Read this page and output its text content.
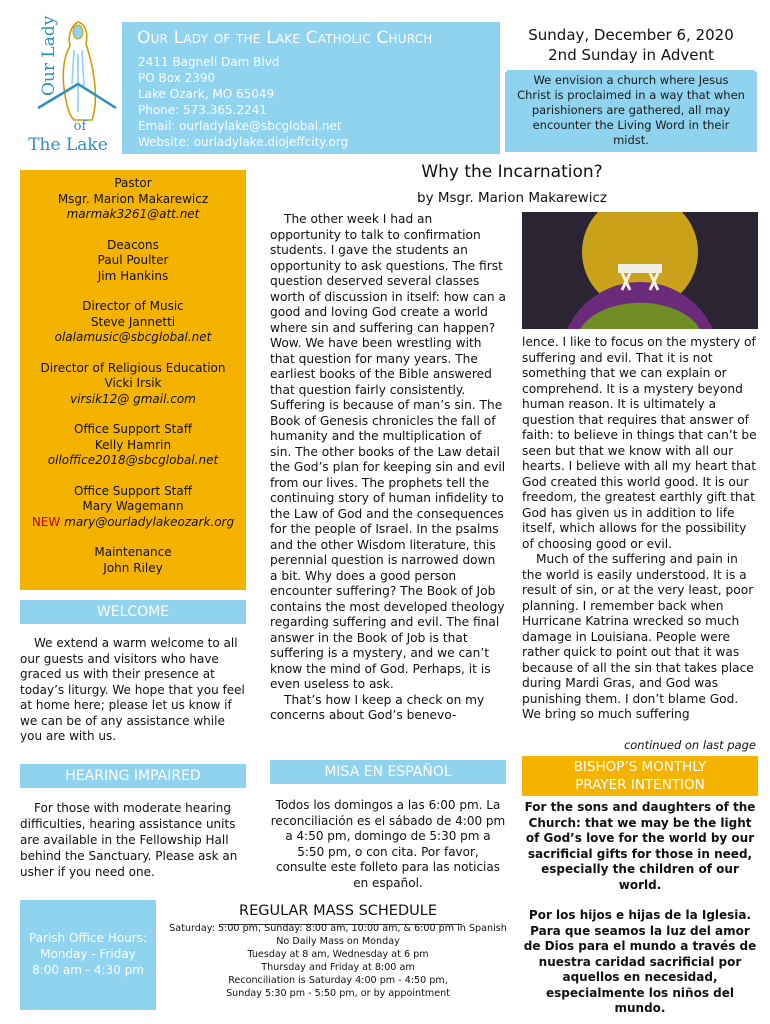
Our Lady
of
The Lake
Our Lady of the Lake Catholic Church
2411 Bagnell Dam Blvd
PO Box 2390
Lake Ozark, MO 65049
Phone: 573.365.2241
Email: ourladylake@sbcglobal.net
Website: ourladylake.diojeffcity.org
Sunday, December 6, 2020
2nd Sunday in Advent
We envision a church where Jesus Christ is proclaimed in a way that when parishioners are gathered, all may encounter the Living Word in their midst.
Pastor
Msgr. Marion Makarewicz
marmak3261@att.net
Deacons
Paul Poulter
Jim Hankins
Director of Music
Steve Jannetti
olalamusic@sbcglobal.net
Director of Religious Education
Vicki Irsik
virsik12@ gmail.com
Office Support Staff
Kelly Hamrin
olloffice2018@sbcglobal.net
Office Support Staff
Mary Wagemann
NEW mary@ourladylakeozark.org
Maintenance
John Riley
WELCOME
We extend a warm welcome to all our guests and visitors who have graced us with their presence at today’s liturgy. We hope that you feel at home here; please let us know if we can be of any assistance while you are with us.
HEARING IMPAIRED
For those with moderate hearing difficulties, hearing assistance units are available in the Fellowship Hall behind the Sanctuary. Please ask an usher if you need one.
Why the Incarnation?
by Msgr. Marion Makarewicz

The other week I had an opportunity to talk to confirmation students. I gave the students an opportunity to ask questions. The first question deserved several classes worth of discussion in itself: how can a good and loving God create a world where sin and suffering can happen? Wow. We have been wrestling with that question for many years. The earliest books of the Bible answered that question fairly consistently. Suffering is because of man’s sin. The Book of Genesis chronicles the fall of humanity and the multiplication of sin. The other books of the Law detail the God’s plan for keeping sin and evil from our lives. The prophets tell the continuing story of human infidelity to the Law of God and the consequences for the people of Israel. In the psalms and the other Wisdom literature, this perennial question is narrowed down a bit. Why does a good person encounter suffering? The Book of Job contains the most developed theology regarding suffering and evil. The final answer in the Book of Job is that suffering is a mystery, and we can’t know the mind of God. Perhaps, it is even useless to ask.

That’s how I keep a check on my concerns about God’s benevo-

lence. I like to focus on the mystery of suffering and evil. That it is not something that we can explain or comprehend. It is a mystery beyond human reason. It is ultimately a question that requires that answer of faith: to believe in things that can’t be seen but that we know with all our hearts. I believe with all my heart that God created this world good. It is our freedom, the greatest earthly gift that God has given us in addition to life itself, which allows for the possibility of choosing good or evil.

Much of the suffering and pain in the world is easily understood. It is a result of sin, or at the very least, poor planning. I remember back when Hurricane Katrina wrecked so much damage in Louisiana. People were rather quick to point out that it was because of all the sin that takes place during Mardi Gras, and God was punishing them. I don’t blame God. We bring so much suffering

continued on last page
MISA EN ESPAÑOL
Todos los domingos a las 6:00 pm. La reconciliación es el sábado de 4:00 pm a 4:50 pm, domingo de 5:30 pm a 5:50 pm, o con cita. Por favor, consulte este folleto para las noticias en español.
BISHOP’S MONTHLY
PRAYER INTENTION
For the sons and daughters of the Church: that we may be the light of God’s love for the world by our sacrificial gifts for those in need, especially the children of our world.
Por los hijos e hijas de la Iglesia. Para que seamos la luz del amor de Dios para el mundo a través de nuestra caridad sacrificial por aquellos en necesidad, especialmente los niños del mundo.
Parish Office Hours:
Monday - Friday
8:00 am - 4:30 pm
REGULAR MASS SCHEDULE
Saturday: 5:00 pm, Sunday: 8:00 am, 10:00 am, & 6:00 pm in Spanish
No Daily Mass on Monday
Tuesday at 8 am, Wednesday at 6 pm
Thursday and Friday at 8:00 am
Reconciliation is Saturday 4:00 pm - 4:50 pm,
Sunday 5:30 pm - 5:50 pm, or by appointment
